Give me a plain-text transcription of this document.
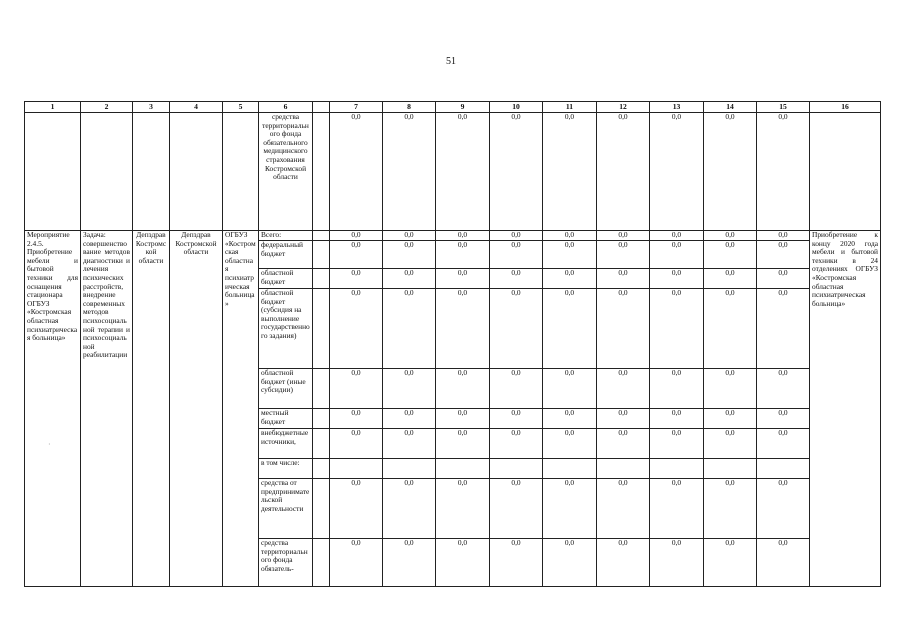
51
·
1	2	3	4	5	6		7	8	9	10	11	12	13	14	15	16
					средства территориального фонда обязательного медицинского страхования Костромской области		0,0	0,0	0,0	0,0	0,0	0,0	0,0	0,0	0,0	
Мероприятие 2.4.5. Приобретение мебели и бытовой техники для оснащения стационара ОГБУЗ «Костромская областная психиатрическая больница»	Задача: совершенствование методов диагностики и лечения психических расстройств, внедрение современных методов психосоциальной терапии и психосоциальной реабилитации	Депздрав Костромской области	Депздрав Костромской области	ОГБУЗ «Костромская областная психиатрическая больница»	Всего:		0,0	0,0	0,0	0,0	0,0	0,0	0,0	0,0	0,0	Приобретение к концу 2020 года мебели и бытовой техники в 24 отделениях ОГБУЗ «Костромская областная психиатрическая больница»
					федеральный бюджет		0,0	0,0	0,0	0,0	0,0	0,0	0,0	0,0	0,0	
					областной бюджет		0,0	0,0	0,0	0,0	0,0	0,0	0,0	0,0	0,0	
					областной бюджет (субсидия на выполнение государственного задания)		0,0	0,0	0,0	0,0	0,0	0,0	0,0	0,0	0,0	
					областной бюджет (иные субсидии)		0,0	0,0	0,0	0,0	0,0	0,0	0,0	0,0	0,0	
					местный бюджет		0,0	0,0	0,0	0,0	0,0	0,0	0,0	0,0	0,0	
					внебюджетные источники,		0,0	0,0	0,0	0,0	0,0	0,0	0,0	0,0	0,0	
					в том числе:											
					средства от предпринимательской деятельности		0,0	0,0	0,0	0,0	0,0	0,0	0,0	0,0	0,0	
					средства территориального фонда обязатель-		0,0	0,0	0,0	0,0	0,0	0,0	0,0	0,0	0,0	
